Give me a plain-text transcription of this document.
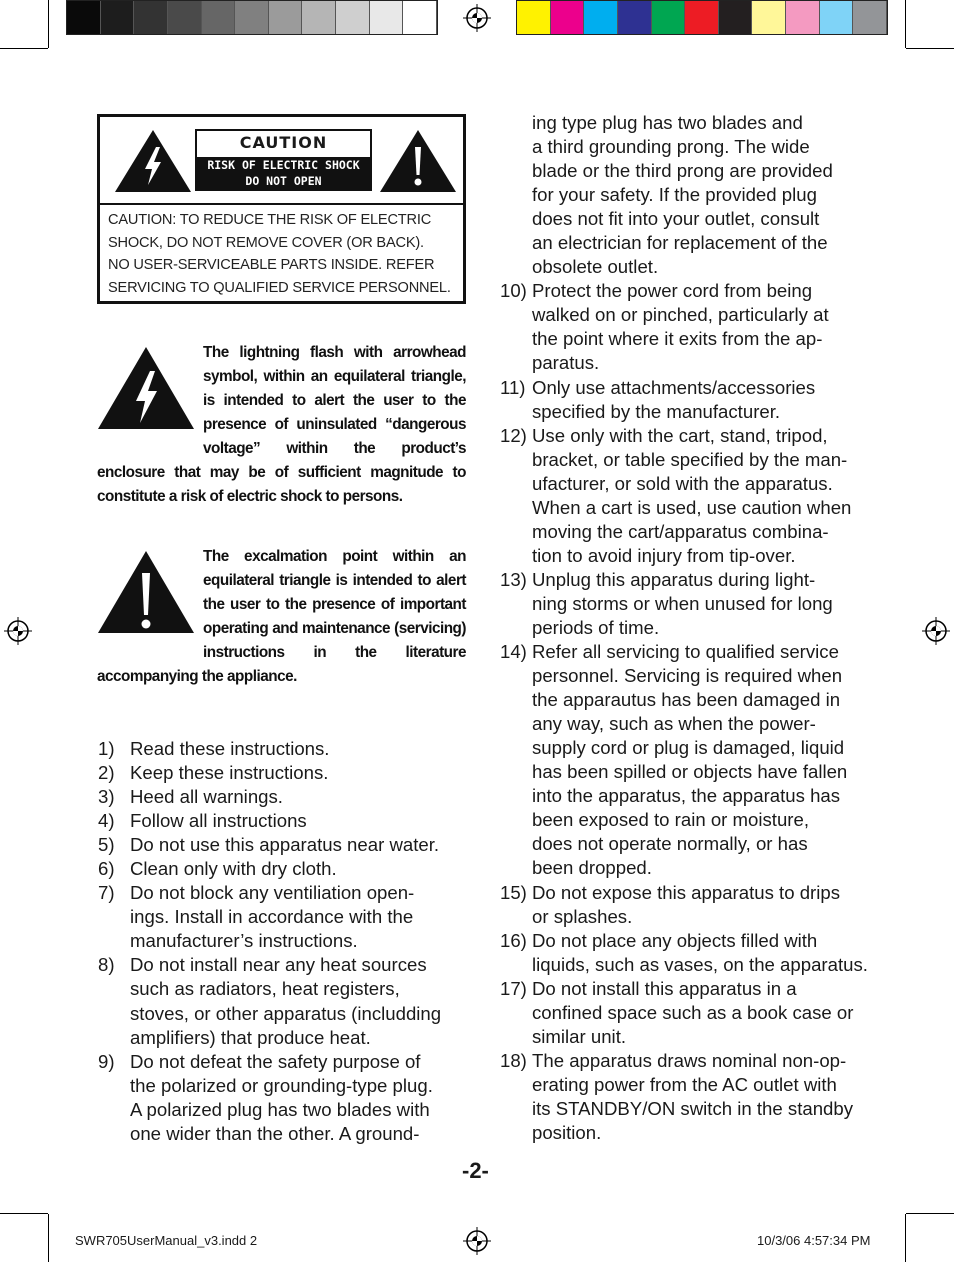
CAUTION
RISK OF ELECTRIC SHOCK
DO NOT OPEN
CAUTION: TO REDUCE THE RISK OF ELECTRIC
SHOCK, DO NOT REMOVE COVER (OR BACK).
NO USER-SERVICEABLE PARTS INSIDE. REFER
SERVICING TO QUALIFIED SERVICE PERSONNEL.
The lightning flash with arrowhead symbol, within an equilateral triangle, is intended to alert the user to the presence of uninsulated “dangerous voltage” within the product’s enclosure that may be of sufficient magnitude to constitute a risk of electric shock to persons.
The excalmation point within an equilateral triangle is intended to alert the user to the presence of important operating and maintenance (servicing) instructions in the literature accompanying the appliance.
1) Read these instructions.
2) Keep these instructions.
3) Heed all warnings.
4) Follow all instructions
5) Do not use this apparatus near water.
6) Clean only with dry cloth.
7) Do not block any ventiliation open-
ings. Install in accordance with the
manufacturer’s instructions.
8) Do not install near any heat sources
such as radiators, heat registers,
stoves, or other apparatus (includding
amplifiers) that produce heat.
9) Do not defeat the safety purpose of
the polarized or grounding-type plug.
A polarized plug has two blades with
one wider than the other. A ground-
ing type plug has two blades and
a third grounding prong. The wide
blade or the third prong are provided
for your safety. If the provided plug
does not fit into your outlet, consult
an electrician for replacement of the
obsolete outlet.
10) Protect the power cord from being
walked on or pinched, particularly at
the point where it exits from the ap-
paratus.
11) Only use attachments/accessories
specified by the manufacturer.
12) Use only with the cart, stand, tripod,
bracket, or table specified by the man-
ufacturer, or sold with the apparatus.
When a cart is used, use caution when
moving the cart/apparatus combina-
tion to avoid injury from tip-over.
13) Unplug this apparatus during light-
ning storms or when unused for long
periods of time.
14) Refer all servicing to qualified service
personnel. Servicing is required when
the apparautus has been damaged in
any way, such as when the power-
supply cord or plug is damaged, liquid
has been spilled or objects have fallen
into the apparatus, the apparatus has
been exposed to rain or moisture,
does not operate normally, or has
been dropped.
15) Do not expose this apparatus to drips
or splashes.
16) Do not place any objects filled with
liquids, such as vases, on the apparatus.
17) Do not install this apparatus in a
confined space such as a book case or
similar unit.
18) The apparatus draws nominal non-op-
erating power from the AC outlet with
its STANDBY/ON switch in the standby
position.
-2-
SWR705UserManual_v3.indd 2	10/3/06 4:57:34 PM
